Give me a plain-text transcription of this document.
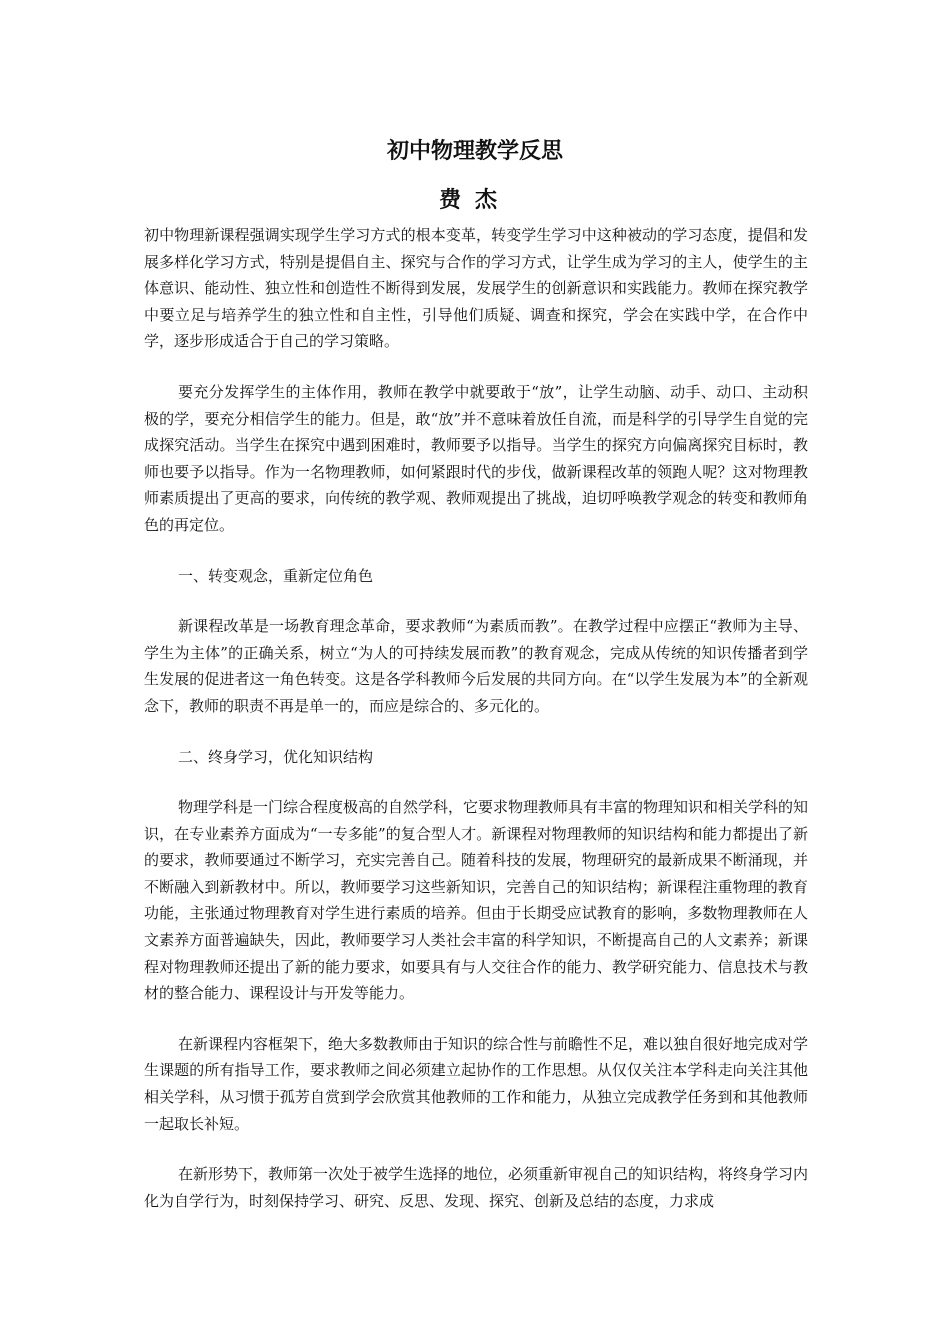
初中物理教学反思
费杰

初中物理新课程强调实现学生学习方式的根本变革，转变学生学习中这种被动的学习态度，提倡和发展多样化学习方式，特别是提倡自主、探究与合作的学习方式，让学生成为学习的主人，使学生的主体意识、能动性、独立性和创造性不断得到发展，发展学生的创新意识和实践能力。教师在探究教学中要立足与培养学生的独立性和自主性，引导他们质疑、调查和探究，学会在实践中学，在合作中学，逐步形成适合于自己的学习策略。

要充分发挥学生的主体作用，教师在教学中就要敢于“放”，让学生动脑、动手、动口、主动积极的学，要充分相信学生的能力。但是，敢“放”并不意味着放任自流，而是科学的引导学生自觉的完成探究活动。当学生在探究中遇到困难时，教师要予以指导。当学生的探究方向偏离探究目标时，教师也要予以指导。作为一名物理教师，如何紧跟时代的步伐，做新课程改革的领跑人呢？这对物理教师素质提出了更高的要求，向传统的教学观、教师观提出了挑战，迫切呼唤教学观念的转变和教师角色的再定位。

一、转变观念，重新定位角色

新课程改革是一场教育理念革命，要求教师“为素质而教”。在教学过程中应摆正“教师为主导、学生为主体”的正确关系，树立“为人的可持续发展而教”的教育观念，完成从传统的知识传播者到学生发展的促进者这一角色转变。这是各学科教师今后发展的共同方向。在“以学生发展为本”的全新观念下，教师的职责不再是单一的，而应是综合的、多元化的。

二、终身学习，优化知识结构

物理学科是一门综合程度极高的自然学科，它要求物理教师具有丰富的物理知识和相关学科的知识，在专业素养方面成为“一专多能”的复合型人才。新课程对物理教师的知识结构和能力都提出了新的要求，教师要通过不断学习，充实完善自己。随着科技的发展，物理研究的最新成果不断涌现，并不断融入到新教材中。所以，教师要学习这些新知识，完善自己的知识结构；新课程注重物理的教育功能，主张通过物理教育对学生进行素质的培养。但由于长期受应试教育的影响，多数物理教师在人文素养方面普遍缺失，因此，教师要学习人类社会丰富的科学知识，不断提高自己的人文素养；新课程对物理教师还提出了新的能力要求，如要具有与人交往合作的能力、教学研究能力、信息技术与教材的整合能力、课程设计与开发等能力。

在新课程内容框架下，绝大多数教师由于知识的综合性与前瞻性不足，难以独自很好地完成对学生课题的所有指导工作，要求教师之间必须建立起协作的工作思想。从仅仅关注本学科走向关注其他相关学科，从习惯于孤芳自赏到学会欣赏其他教师的工作和能力，从独立完成教学任务到和其他教师一起取长补短。

在新形势下，教师第一次处于被学生选择的地位，必须重新审视自己的知识结构，将终身学习内化为自学行为，时刻保持学习、研究、反思、发现、探究、创新及总结的态度，力求成
